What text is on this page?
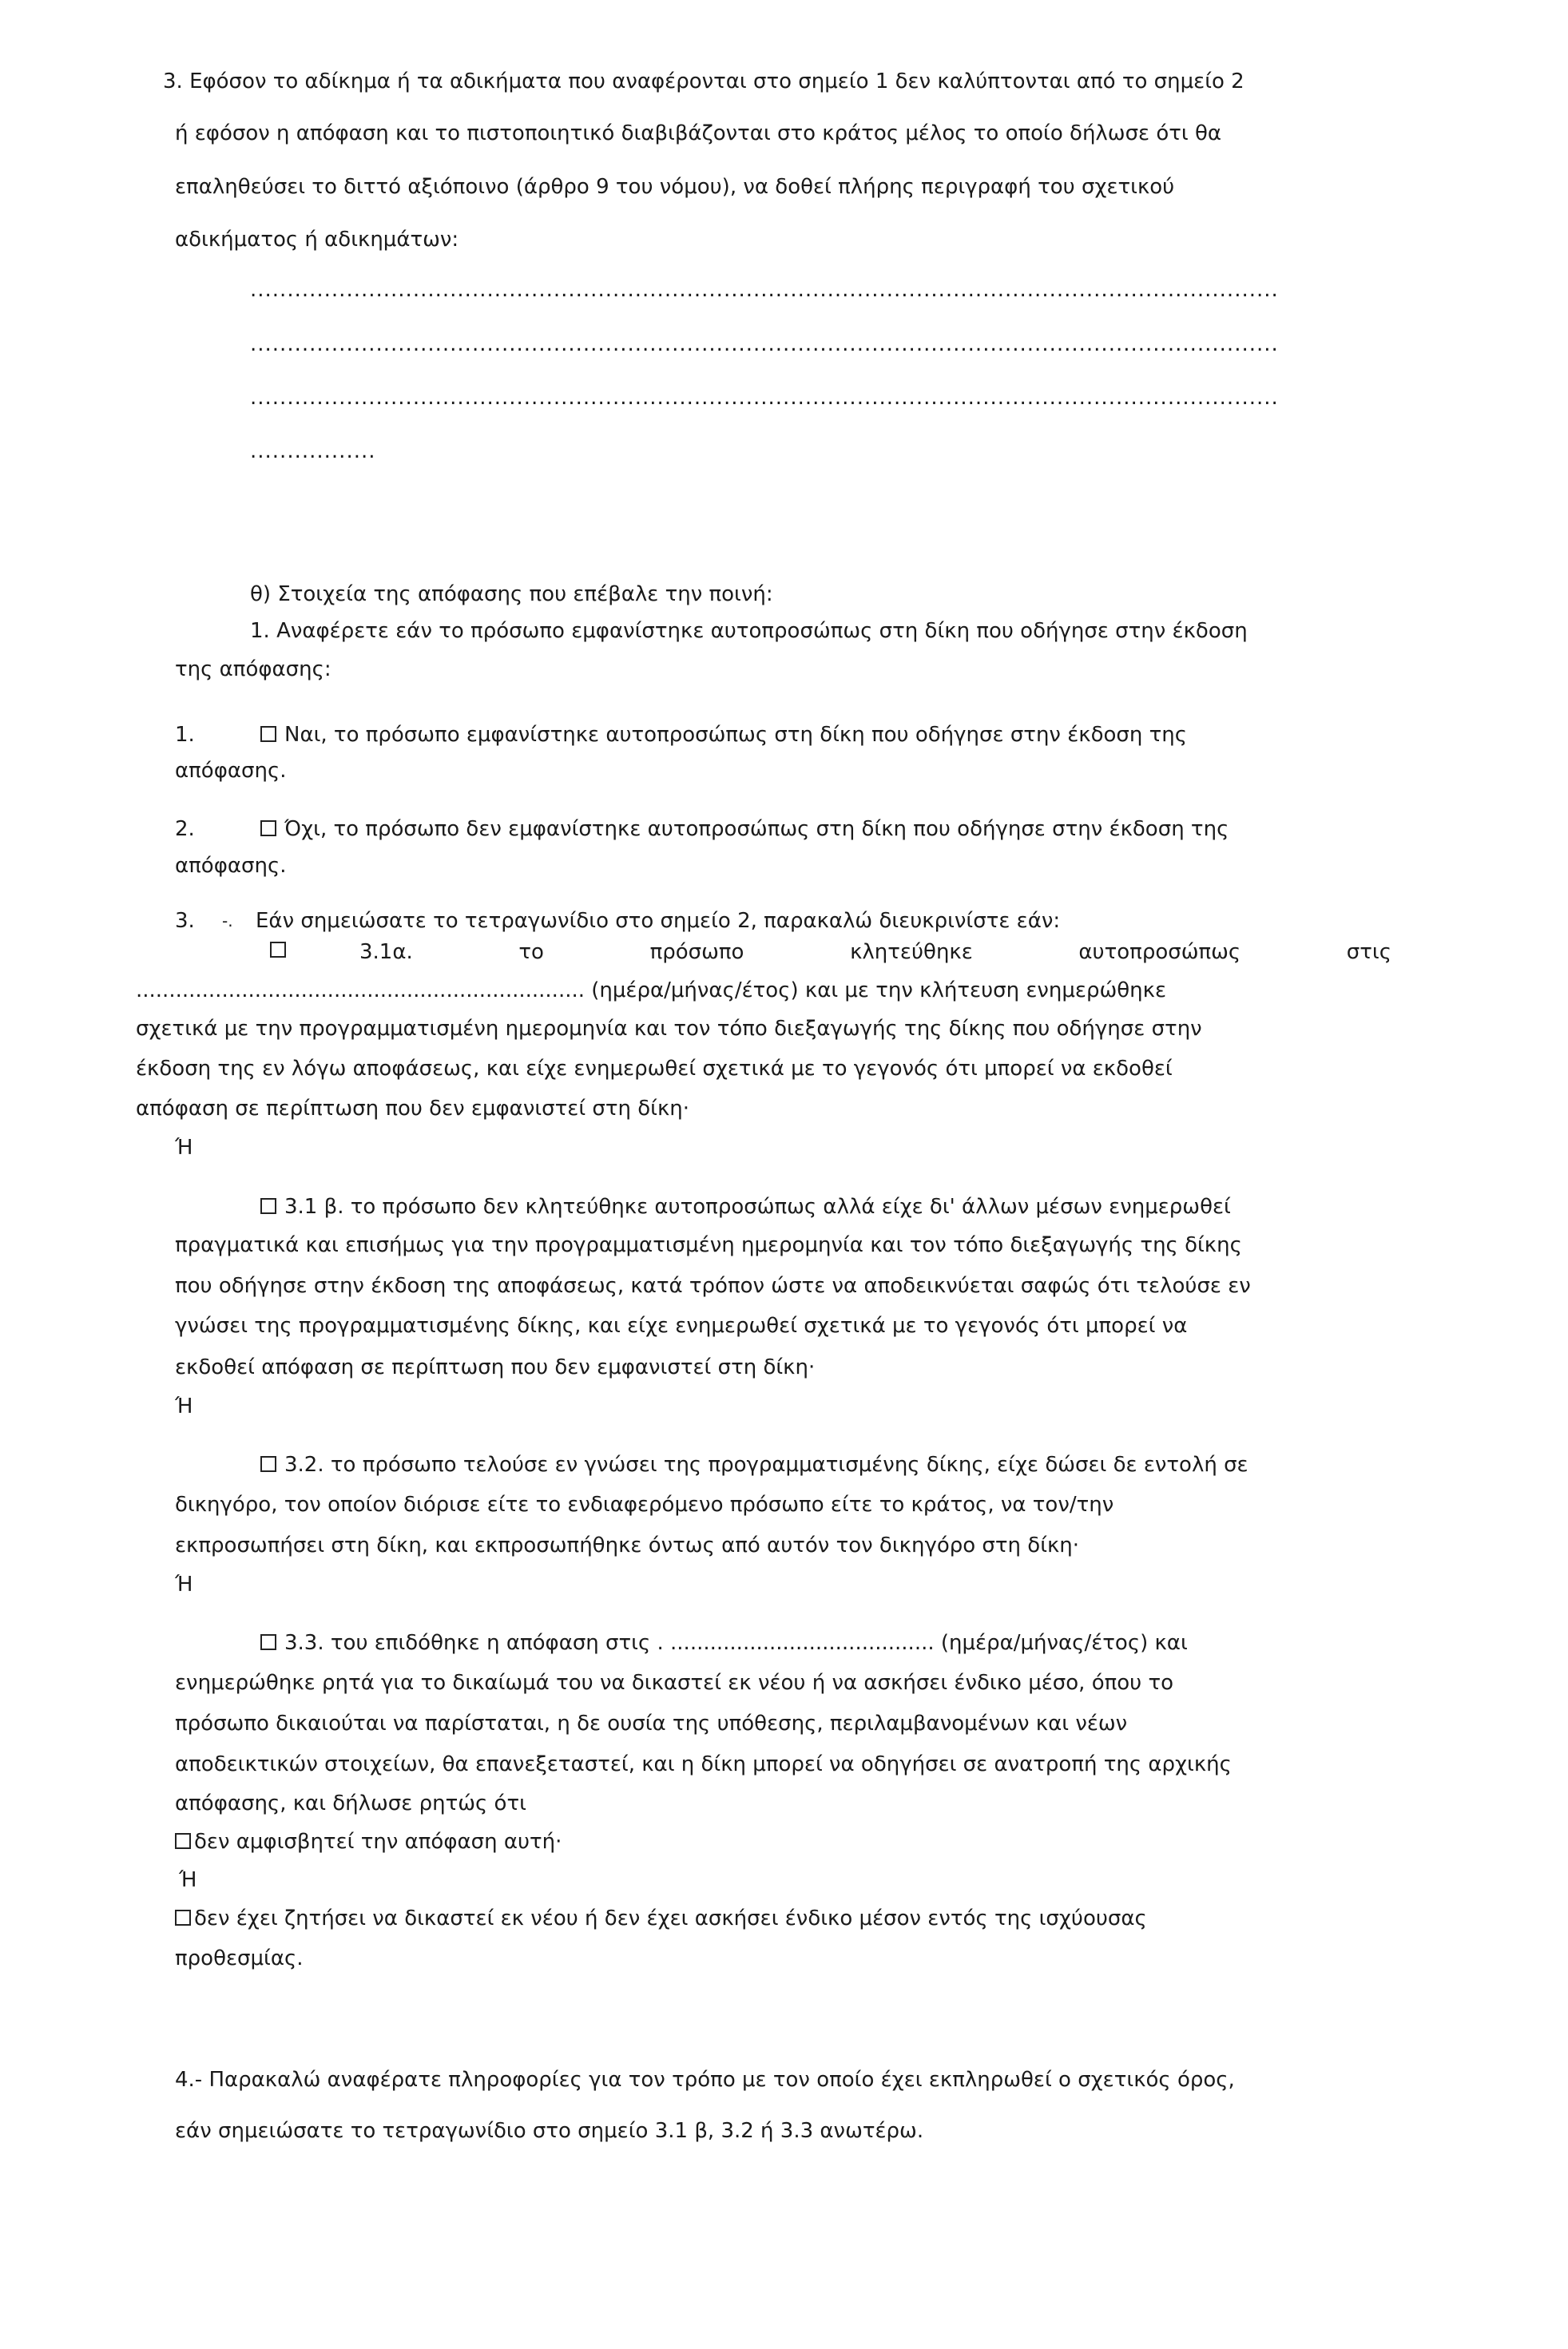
3. Εφόσον το αδίκημα ή τα αδικήματα που αναφέρονται στο σημείο 1 δεν καλύπτονται από το σημείο 2
ή εφόσον η απόφαση και το πιστοποιητικό διαβιβάζονται στο κράτος μέλος το οποίο δήλωσε ότι θα
επαληθεύσει το διττό αξιόποινο (άρθρο 9 του νόμου), να δοθεί πλήρης περιγραφή του σχετικού
αδικήματος ή αδικημάτων:
...........................................................................................................................................
...........................................................................................................................................
...........................................................................................................................................
.................
θ) Στοιχεία της απόφασης που επέβαλε την ποινή:
1. Αναφέρετε εάν το πρόσωπο εμφανίστηκε αυτοπροσώπως στη δίκη που οδήγησε στην έκδοση
της απόφασης:
1.	Ναι, το πρόσωπο εμφανίστηκε αυτοπροσώπως στη δίκη που οδήγησε στην έκδοση της
απόφασης.
2.	Όχι, το πρόσωπο δεν εμφανίστηκε αυτοπροσώπως στη δίκη που οδήγησε στην έκδοση της
απόφασης.
3. -. Εάν σημειώσατε το τετραγωνίδιο στο σημείο 2, παρακαλώ διευκρινίστε εάν:
3.1α.	το	πρόσωπο	κλητεύθηκε	αυτοπροσώπως	στις
.................................................................... (ημέρα/μήνας/έτος) και με την κλήτευση ενημερώθηκε
σχετικά με την προγραμματισμένη ημερομηνία και τον τόπο διεξαγωγής της δίκης που οδήγησε στην
έκδοση της εν λόγω αποφάσεως, και είχε ενημερωθεί σχετικά με το γεγονός ότι μπορεί να εκδοθεί
απόφαση σε περίπτωση που δεν εμφανιστεί στη δίκη·
Ή
3.1 β. το πρόσωπο δεν κλητεύθηκε αυτοπροσώπως αλλά είχε δι' άλλων μέσων ενημερωθεί
πραγματικά και επισήμως για την προγραμματισμένη ημερομηνία και τον τόπο διεξαγωγής της δίκης
που οδήγησε στην έκδοση της αποφάσεως, κατά τρόπον ώστε να αποδεικνύεται σαφώς ότι τελούσε εν
γνώσει της προγραμματισμένης δίκης, και είχε ενημερωθεί σχετικά με το γεγονός ότι μπορεί να
εκδοθεί απόφαση σε περίπτωση που δεν εμφανιστεί στη δίκη·
Ή
3.2. το πρόσωπο τελούσε εν γνώσει της προγραμματισμένης δίκης, είχε δώσει δε εντολή σε
δικηγόρο, τον οποίον διόρισε είτε το ενδιαφερόμενο πρόσωπο είτε το κράτος, να τον/την
εκπροσωπήσει στη δίκη, και εκπροσωπήθηκε όντως από αυτόν τον δικηγόρο στη δίκη·
Ή
3.3. του επιδόθηκε η απόφαση στις . ........................................ (ημέρα/μήνας/έτος) και
ενημερώθηκε ρητά για το δικαίωμά του να δικαστεί εκ νέου ή να ασκήσει ένδικο μέσο, όπου το
πρόσωπο δικαιούται να παρίσταται, η δε ουσία της υπόθεσης, περιλαμβανομένων και νέων
αποδεικτικών στοιχείων, θα επανεξεταστεί, και η δίκη μπορεί να οδηγήσει σε ανατροπή της αρχικής
απόφασης, και δήλωσε ρητώς ότι
δεν αμφισβητεί την απόφαση αυτή·
Ή
δεν έχει ζητήσει να δικαστεί εκ νέου ή δεν έχει ασκήσει ένδικο μέσον εντός της ισχύουσας
προθεσμίας.
4.- Παρακαλώ αναφέρατε πληροφορίες για τον τρόπο με τον οποίο έχει εκπληρωθεί ο σχετικός όρος,
εάν σημειώσατε το τετραγωνίδιο στο σημείο 3.1 β, 3.2 ή 3.3 ανωτέρω.
